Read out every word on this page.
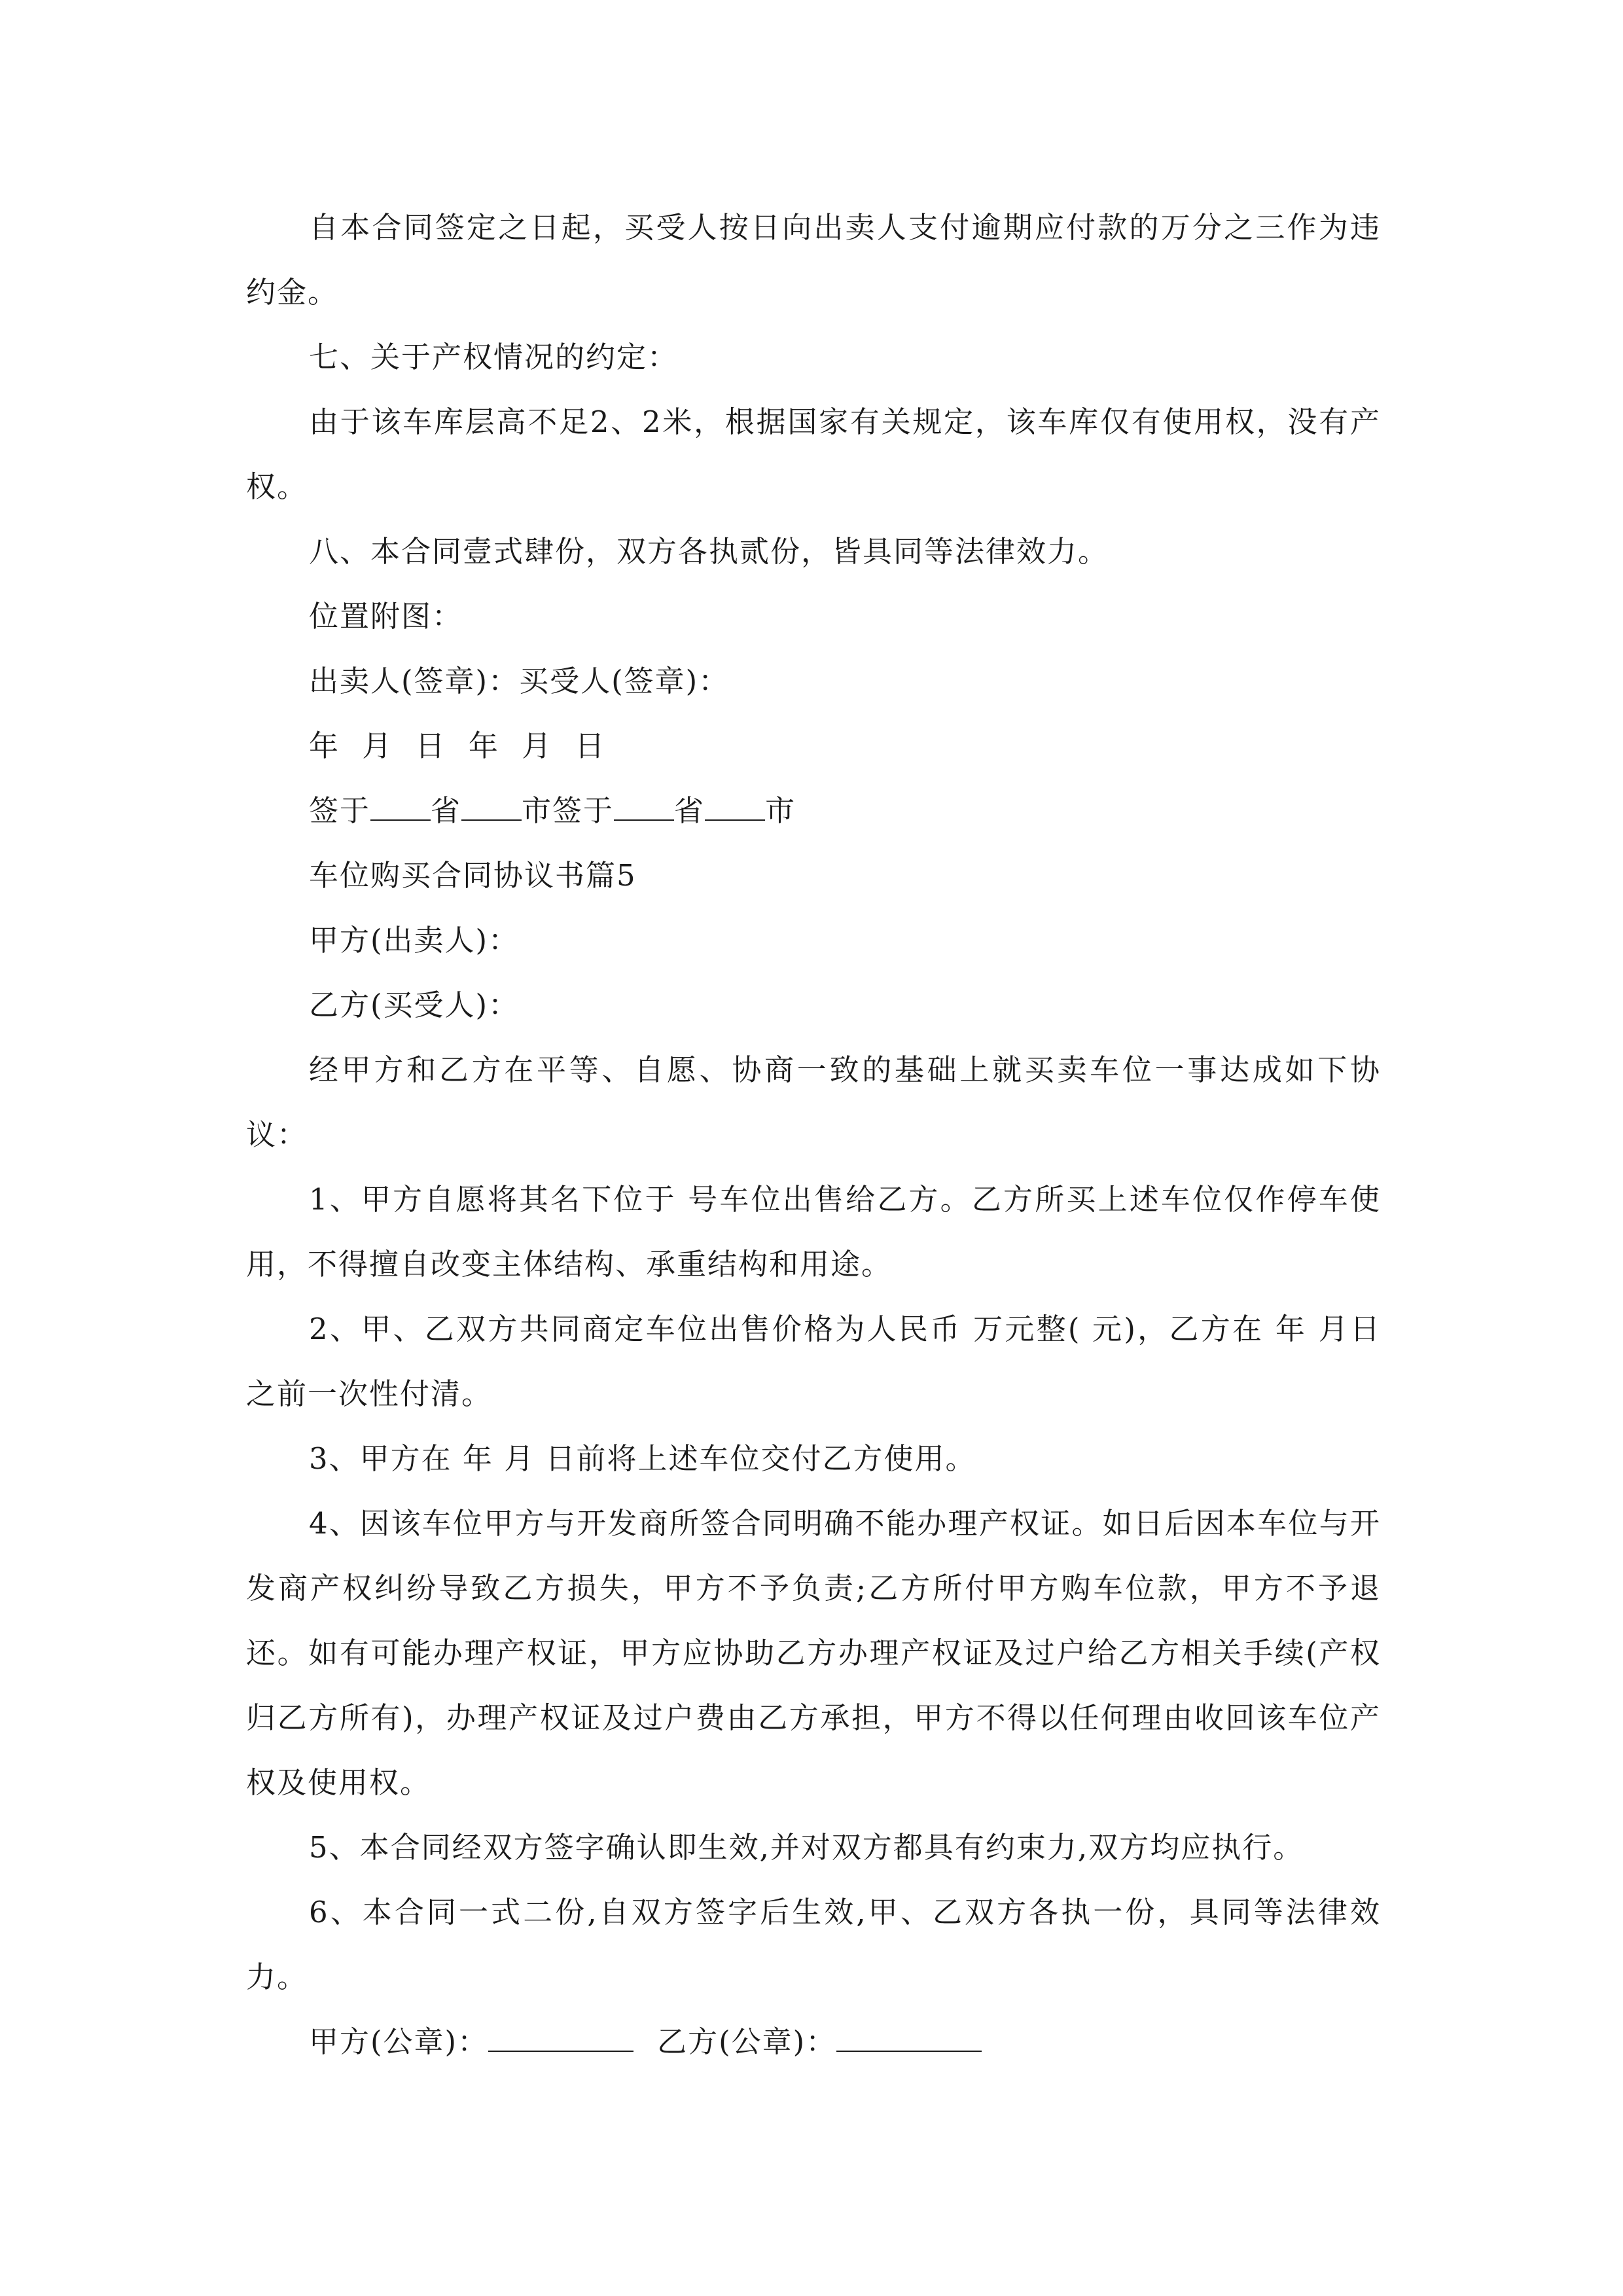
自本合同签定之日起，买受人按日向出卖人支付逾期应付款的万分之三作为违约金。

七、关于产权情况的约定：

由于该车库层高不足2、2米，根据国家有关规定，该车库仅有使用权，没有产权。

八、本合同壹式肆份，双方各执贰份，皆具同等法律效力。

位置附图：

出卖人(签章)：买受人(签章)：

年 月 日 年 月 日

签于 省 市签于 省 市

车位购买合同协议书篇5

甲方(出卖人)：

乙方(买受人)：

经甲方和乙方在平等、自愿、协商一致的基础上就买卖车位一事达成如下协议：

1、甲方自愿将其名下位于 号车位出售给乙方。乙方所买上述车位仅作停车使用，不得擅自改变主体结构、承重结构和用途。

2、甲、乙双方共同商定车位出售价格为人民币 万元整( 元)，乙方在 年 月日之前一次性付清。

3、甲方在 年 月 日前将上述车位交付乙方使用。

4、因该车位甲方与开发商所签合同明确不能办理产权证。如日后因本车位与开发商产权纠纷导致乙方损失，甲方不予负责;乙方所付甲方购车位款，甲方不予退还。如有可能办理产权证，甲方应协助乙方办理产权证及过户给乙方相关手续(产权归乙方所有)，办理产权证及过户费由乙方承担，甲方不得以任何理由收回该车位产权及使用权。

5、本合同经双方签字确认即生效,并对双方都具有约束力,双方均应执行。

6、本合同一式二份,自双方签字后生效,甲、乙双方各执一份，具同等法律效力。

甲方(公章)：	乙方(公章)：
